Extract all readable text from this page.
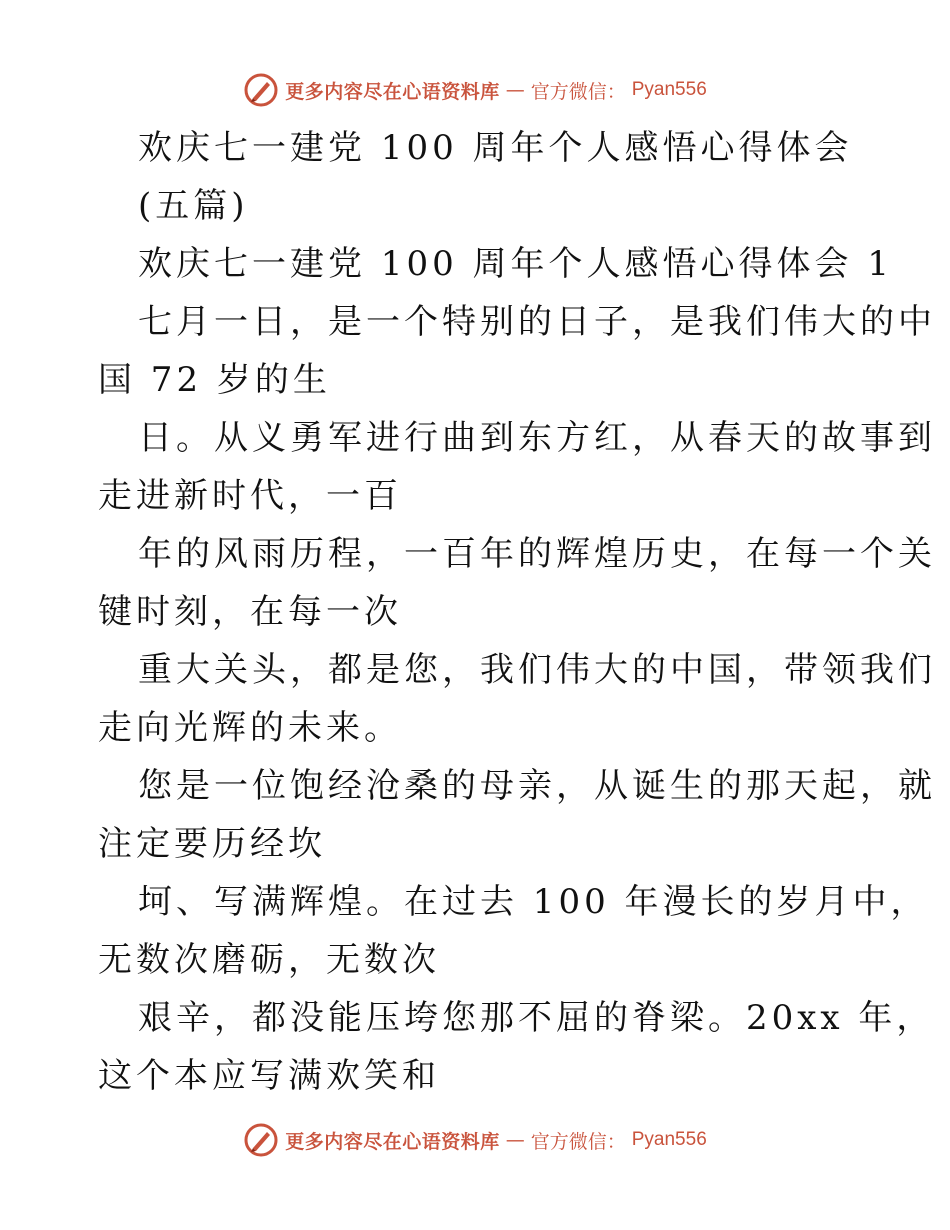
更多内容尽在心语资料库 — 官方微信： Pyan556
欢庆七一建党 100 周年个人感悟心得体会
(五篇)
欢庆七一建党 100 周年个人感悟心得体会 1
七月一日，是一个特别的日子，是我们伟大的中
国 72 岁的生
日。从义勇军进行曲到东方红，从春天的故事到
走进新时代，一百
年的风雨历程，一百年的辉煌历史，在每一个关
键时刻，在每一次
重大关头，都是您，我们伟大的中国，带领我们
走向光辉的未来。
您是一位饱经沧桑的母亲，从诞生的那天起，就
注定要历经坎
坷、写满辉煌。在过去 100 年漫长的岁月中，
无数次磨砺，无数次
艰辛，都没能压垮您那不屈的脊梁。20xx 年，
这个本应写满欢笑和
更多内容尽在心语资料库 — 官方微信： Pyan556
